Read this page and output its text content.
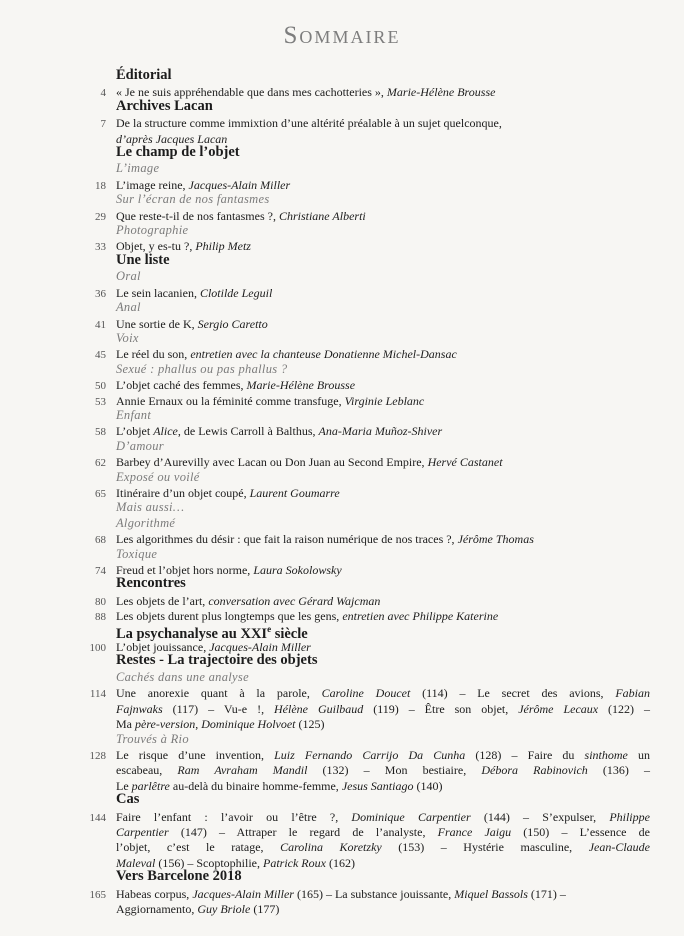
Sommaire
Éditorial
4 « Je ne suis appréhendable que dans mes cachotteries », Marie-Hélène Brousse
Archives Lacan
7 De la structure comme immixtion d’une altérité préalable à un sujet quelconque,
d’après Jacques Lacan
Le champ de l’objet
L’image
18 L’image reine, Jacques-Alain Miller
Sur l’écran de nos fantasmes
29 Que reste-t-il de nos fantasmes ?, Christiane Alberti
Photographie
33 Objet, y es-tu ?, Philip Metz
Une liste
Oral
36 Le sein lacanien, Clotilde Leguil
Anal
41 Une sortie de K, Sergio Caretto
Voix
45 Le réel du son, entretien avec la chanteuse Donatienne Michel-Dansac
Sexué : phallus ou pas phallus ?
50 L’objet caché des femmes, Marie-Hélène Brousse
53 Annie Ernaux ou la féminité comme transfuge, Virginie Leblanc
Enfant
58 L’objet Alice, de Lewis Carroll à Balthus, Ana-Maria Muñoz-Shiver
D’amour
62 Barbey d’Aurevilly avec Lacan ou Don Juan au Second Empire, Hervé Castanet
Exposé ou voilé
65 Itinéraire d’un objet coupé, Laurent Goumarre
Mais aussi…
Algorithmé
68 Les algorithmes du désir : que fait la raison numérique de nos traces ?, Jérôme Thomas
Toxique
74 Freud et l’objet hors norme, Laura Sokolowsky
Rencontres
80 Les objets de l’art, conversation avec Gérard Wajcman
88 Les objets durent plus longtemps que les gens, entretien avec Philippe Katerine
La psychanalyse au XXIe siècle
100 L’objet jouissance, Jacques-Alain Miller
Restes - La trajectoire des objets
Cachés dans une analyse
114 Une anorexie quant à la parole, Caroline Doucet (114) – Le secret des avions, Fabian
Fajnwaks (117) – Vu-e !, Hélène Guilbaud (119) – Être son objet, Jérôme Lecaux (122) –
Ma père-version, Dominique Holvoet (125)
Trouvés à Rio
128 Le risque d’une invention, Luiz Fernando Carrijo Da Cunha (128) – Faire du sinthome un
escabeau, Ram Avraham Mandil (132) – Mon bestiaire, Débora Rabinovich (136) –
Le parlêtre au-delà du binaire homme-femme, Jesus Santiago (140)
Cas
144 Faire l’enfant : l’avoir ou l’être ?, Dominique Carpentier (144) – S’expulser, Philippe
Carpentier (147) – Attraper le regard de l’analyste, France Jaigu (150) – L’essence de
l’objet, c’est le ratage, Carolina Koretzky (153) – Hystérie masculine, Jean-Claude
Maleval (156) – Scoptophilie, Patrick Roux (162)
Vers Barcelone 2018
165 Habeas corpus, Jacques-Alain Miller (165) – La substance jouissante, Miquel Bassols (171) –
Aggiornamento, Guy Briole (177)
